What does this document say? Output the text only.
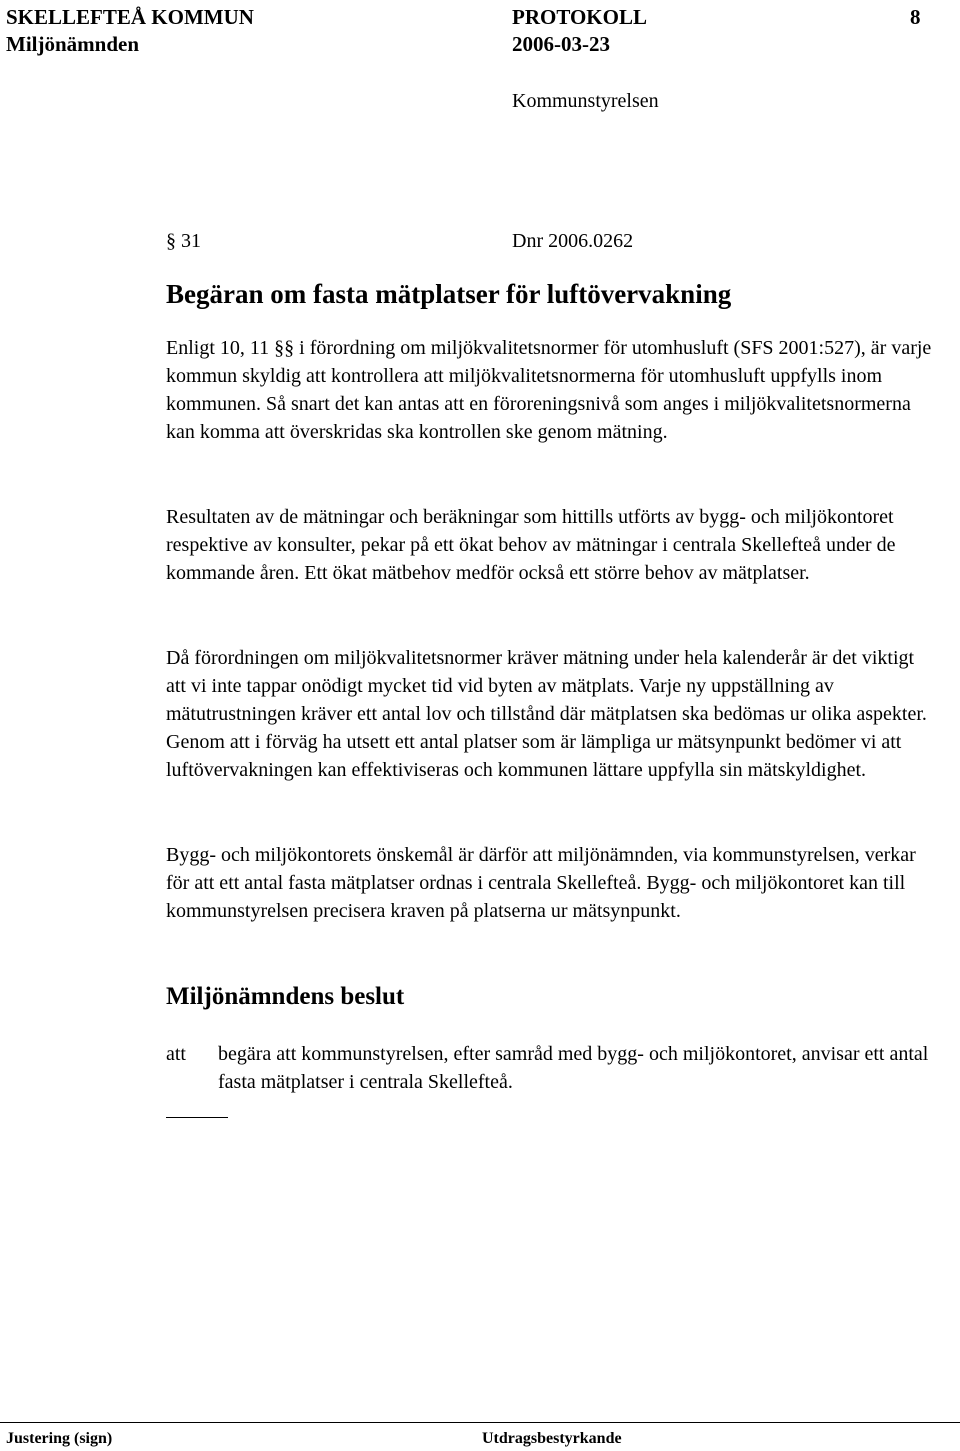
SKELLEFTEÅ KOMMUN	PROTOKOLL	8
Miljönämnden	2006-03-23
Kommunstyrelsen
§ 31	Dnr 2006.0262
Begäran om fasta mätplatser för luftövervakning

Enligt 10, 11 §§ i förordning om miljökvalitetsnormer för utomhusluft (SFS 2001:527), är varje kommun skyldig att kontrollera att miljökvalitetsnormerna för utomhusluft uppfylls inom kommunen. Så snart det kan antas att en föroreningsnivå som anges i miljökvalitetsnormerna kan komma att överskridas ska kontrollen ske genom mätning.

Resultaten av de mätningar och beräkningar som hittills utförts av bygg- och miljökontoret respektive av konsulter, pekar på ett ökat behov av mätningar i centrala Skellefteå under de kommande åren. Ett ökat mätbehov medför också ett större behov av mätplatser.

Då förordningen om miljökvalitetsnormer kräver mätning under hela kalenderår är det viktigt att vi inte tappar onödigt mycket tid vid byten av mätplats. Varje ny uppställning av mätutrustningen kräver ett antal lov och tillstånd där mätplatsen ska bedömas ur olika aspekter. Genom att i förväg ha utsett ett antal platser som är lämpliga ur mätsynpunkt bedömer vi att luftövervakningen kan effektiviseras och kommunen lättare uppfylla sin mätskyldighet.

Bygg- och miljökontorets önskemål är därför att miljönämnden, via kommunstyrelsen, verkar för att ett antal fasta mätplatser ordnas i centrala Skellefteå. Bygg- och miljökontoret kan till kommunstyrelsen precisera kraven på platserna ur mätsynpunkt.

Miljönämndens beslut
att begära att kommunstyrelsen, efter samråd med bygg- och miljökontoret, anvisar ett antal fasta mätplatser i centrala Skellefteå.

Justering (sign)	Utdragsbestyrkande
